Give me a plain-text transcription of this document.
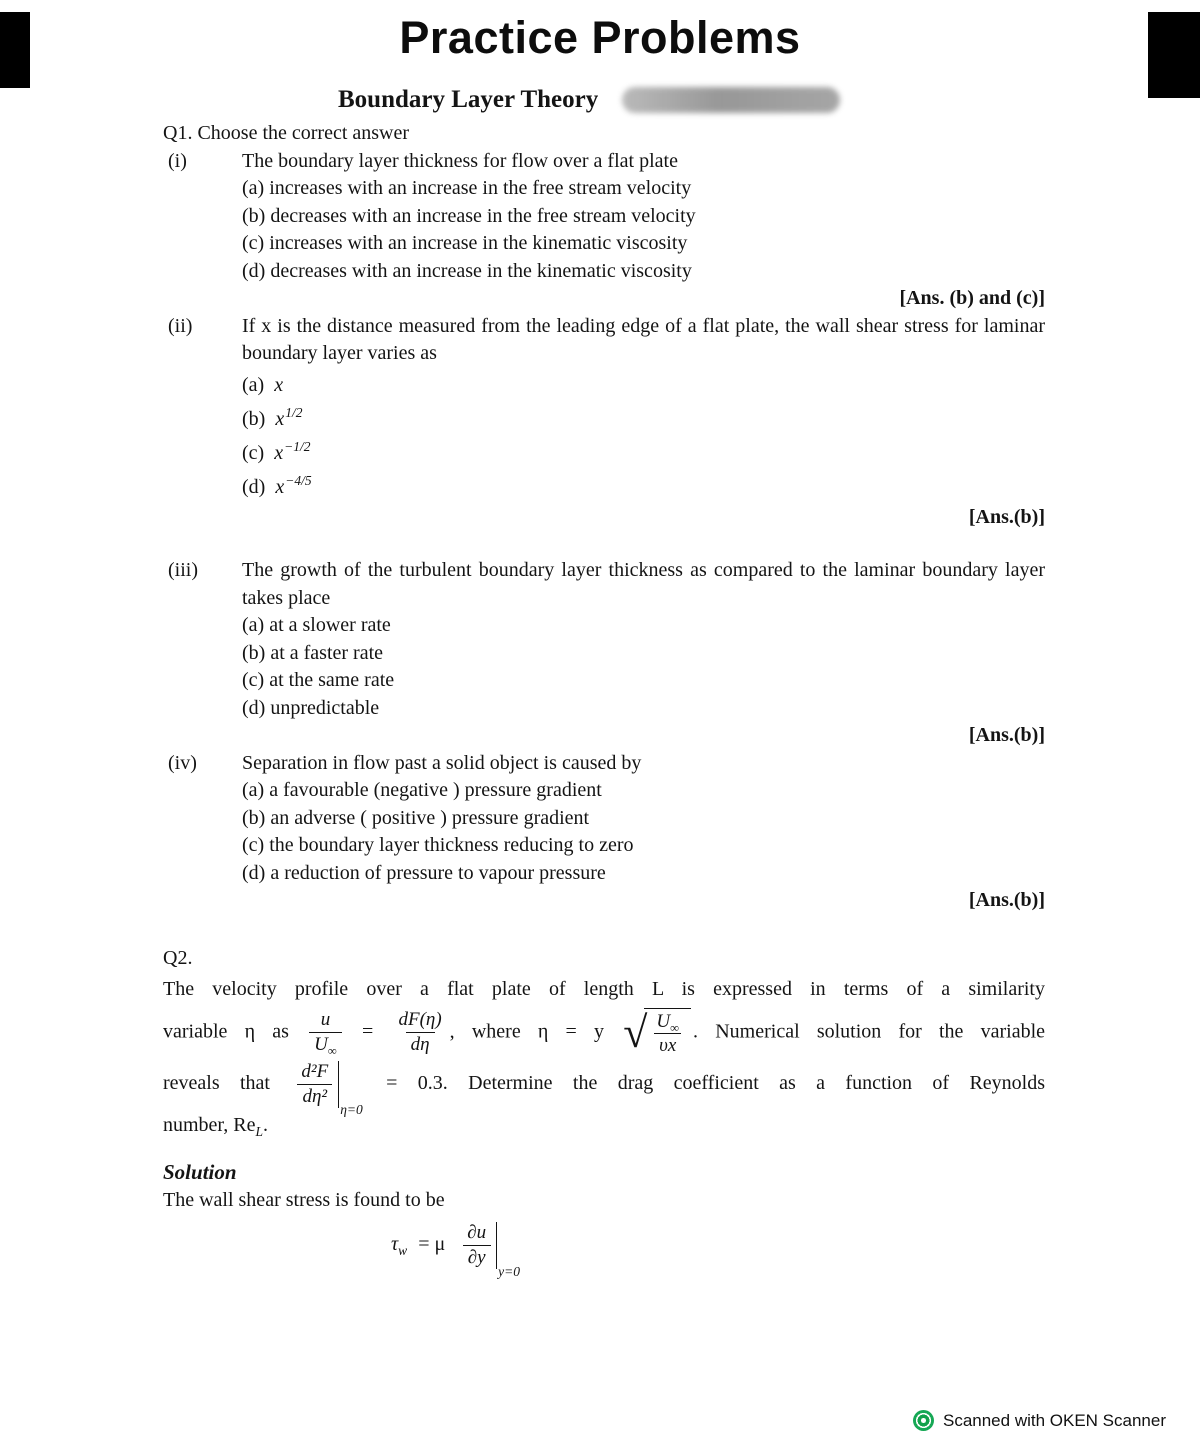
Practice Problems
Boundary Layer Theory
Q1. Choose the correct answer
(i)	The boundary layer thickness for flow over a flat plate
(a) increases with an increase in the free stream velocity
(b) decreases with an increase in the free stream velocity
(c) increases with an increase in the kinematic viscosity
(d) decreases with an increase in the kinematic viscosity
[Ans. (b) and (c)]
(ii)	If x is the distance measured from the leading edge of a flat plate, the wall shear stress for laminar boundary layer varies as
(a) x
(b) $x^{1/2}$
(c) $x^{-1/2}$
(d) $x^{-4/5}$
[Ans.(b)]
(iii)	The growth of the turbulent boundary layer thickness as compared to the laminar boundary layer takes place
(a) at a slower rate
(b) at a faster rate
(c) at the same rate
(d) unpredictable
[Ans.(b)]
(iv)	Separation in flow past a solid object is caused by
(a) a favourable (negative ) pressure gradient
(b) an adverse ( positive ) pressure gradient
(c) the boundary layer thickness reducing to zero
(d) a reduction of pressure to vapour pressure
[Ans.(b)]
Q2.
The velocity profile over a flat plate of length L is expressed in terms of a similarity
variable η as $\frac{u}{U_\infty} = \frac{dF(\eta)}{d\eta}$ , where η = y √ $\frac{U_\infty}{\upsilon x}$ . Numerical solution for the variable
reveals that $\frac{\text{d²F}}{\text{dη²}}$
η=0
= 0.3. Determine the drag coefficient as a function of Reynolds
number, $Re_L$.
Solution
The wall shear stress is found to be
$\tau_w = \mu \frac{\partial u}{\partial y}$
y=0
Scanned with OKEN Scanner
